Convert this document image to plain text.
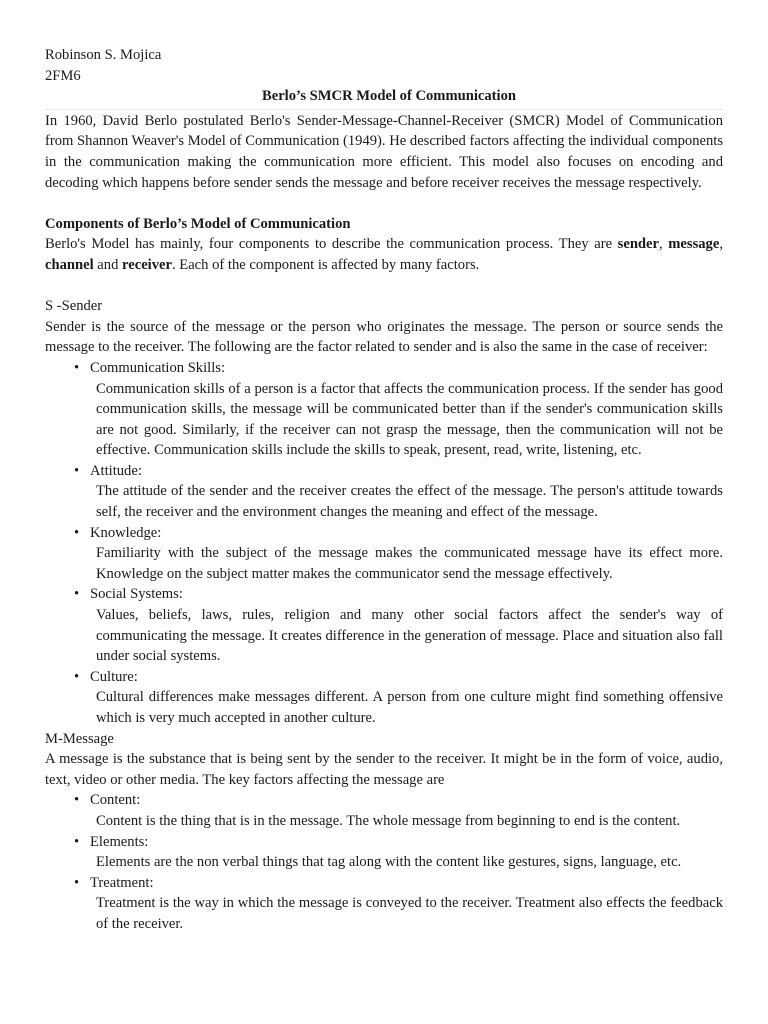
Robinson S. Mojica
2FM6
Berlo’s SMCR Model of Communication

In 1960, David Berlo postulated Berlo's Sender-Message-Channel-Receiver (SMCR) Model of Communication from Shannon Weaver's Model of Communication (1949). He described factors affecting the individual components in the communication making the communication more efficient. This model also focuses on encoding and decoding which happens before sender sends the message and before receiver receives the message respectively.

Components of Berlo’s Model of Communication

Berlo's Model has mainly, four components to describe the communication process. They are sender, message, channel and receiver. Each of the component is affected by many factors.

S -Sender

Sender is the source of the message or the person who originates the message. The person or source sends the message to the receiver. The following are the factor related to sender and is also the same in the case of receiver:

• Communication Skills:
Communication skills of a person is a factor that affects the communication process. If the sender has good communication skills, the message will be communicated better than if the sender's communication skills are not good. Similarly, if the receiver can not grasp the message, then the communication will not be effective. Communication skills include the skills to speak, present, read, write, listening, etc.
• Attitude:
The attitude of the sender and the receiver creates the effect of the message. The person's attitude towards self, the receiver and the environment changes the meaning and effect of the message.
• Knowledge:
Familiarity with the subject of the message makes the communicated message have its effect more. Knowledge on the subject matter makes the communicator send the message effectively.
• Social Systems:
Values, beliefs, laws, rules, religion and many other social factors affect the sender's way of communicating the message. It creates difference in the generation of message. Place and situation also fall under social systems.
• Culture:
Cultural differences make messages different. A person from one culture might find something offensive which is very much accepted in another culture.
M-Message

A message is the substance that is being sent by the sender to the receiver. It might be in the form of voice, audio, text, video or other media. The key factors affecting the message are

• Content:
Content is the thing that is in the message. The whole message from beginning to end is the content.
• Elements:
Elements are the non verbal things that tag along with the content like gestures, signs, language, etc.
• Treatment:
Treatment is the way in which the message is conveyed to the receiver. Treatment also effects the feedback of the receiver.
